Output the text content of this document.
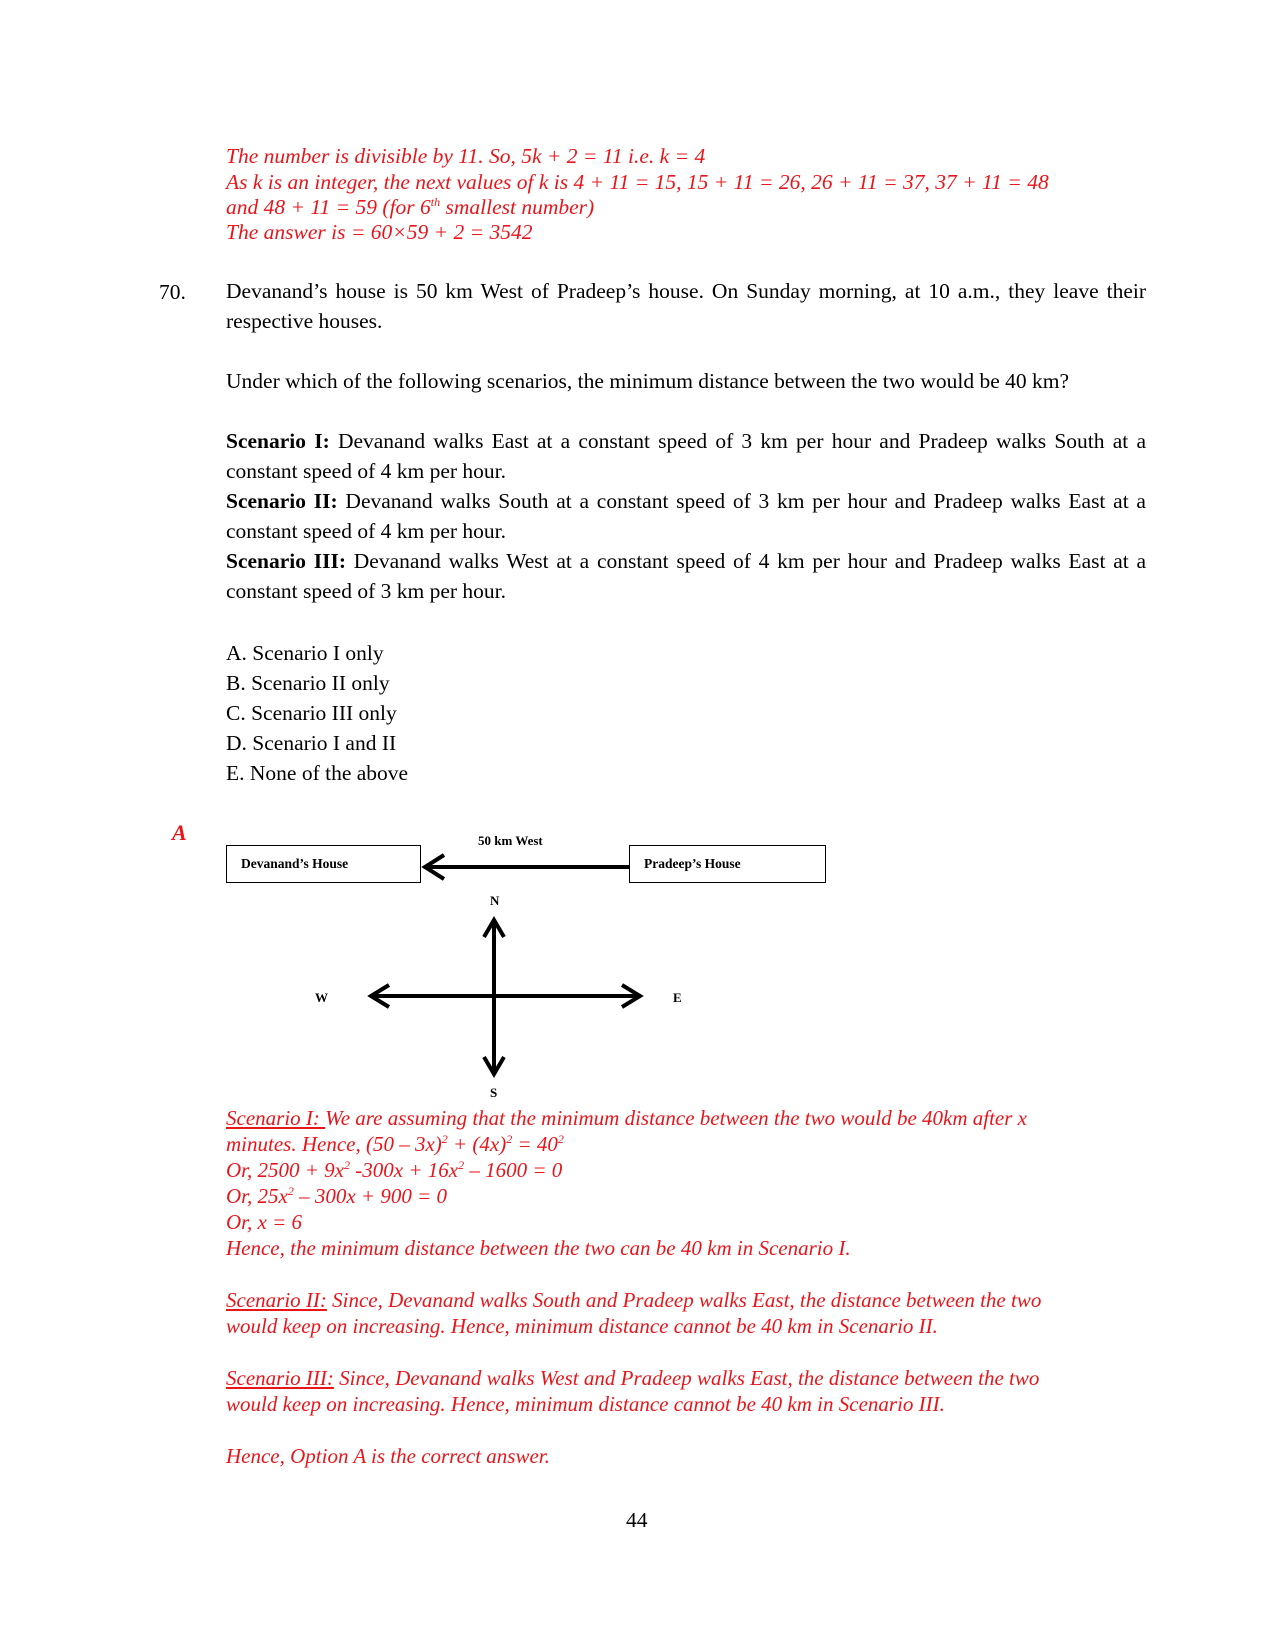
The number is divisible by 11. So, 5k + 2 = 11 i.e. k = 4
As k is an integer, the next values of k is 4 + 11 = 15, 15 + 11 = 26, 26 + 11 = 37, 37 + 11 = 48
and 48 + 11 = 59 (for 6th smallest number)
The answer is = 60×59 + 2 = 3542
70. Devanand’s house is 50 km West of Pradeep’s house. On Sunday morning, at 10 a.m., they leave their respective houses.
Under which of the following scenarios, the minimum distance between the two would be 40 km?
Scenario I: Devanand walks East at a constant speed of 3 km per hour and Pradeep walks South at a constant speed of 4 km per hour.
Scenario II: Devanand walks South at a constant speed of 3 km per hour and Pradeep walks East at a constant speed of 4 km per hour.
Scenario III: Devanand walks West at a constant speed of 4 km per hour and Pradeep walks East at a constant speed of 3 km per hour.
A. Scenario I only
B. Scenario II only
C. Scenario III only
D. Scenario I and II
E. None of the above
A
Devanand’s House	Pradeep’s House
50 km West
N
S
W	E
Scenario I: We are assuming that the minimum distance between the two would be 40km after x
minutes. Hence, $(50 - 3x)^2 + (4x)^2 = 40^2$
Or, $2500 + 9x^2$ $-300x + 16x^2 - 1600 = 0$
Or, $25x^2 - 300x + 900 = 0$
Or, x = 6
Hence, the minimum distance between the two can be 40 km in Scenario I.
Scenario II: Since, Devanand walks South and Pradeep walks East, the distance between the two
would keep on increasing. Hence, minimum distance cannot be 40 km in Scenario II.
Scenario III: Since, Devanand walks West and Pradeep walks East, the distance between the two
would keep on increasing. Hence, minimum distance cannot be 40 km in Scenario III.
Hence, Option A is the correct answer.
44
